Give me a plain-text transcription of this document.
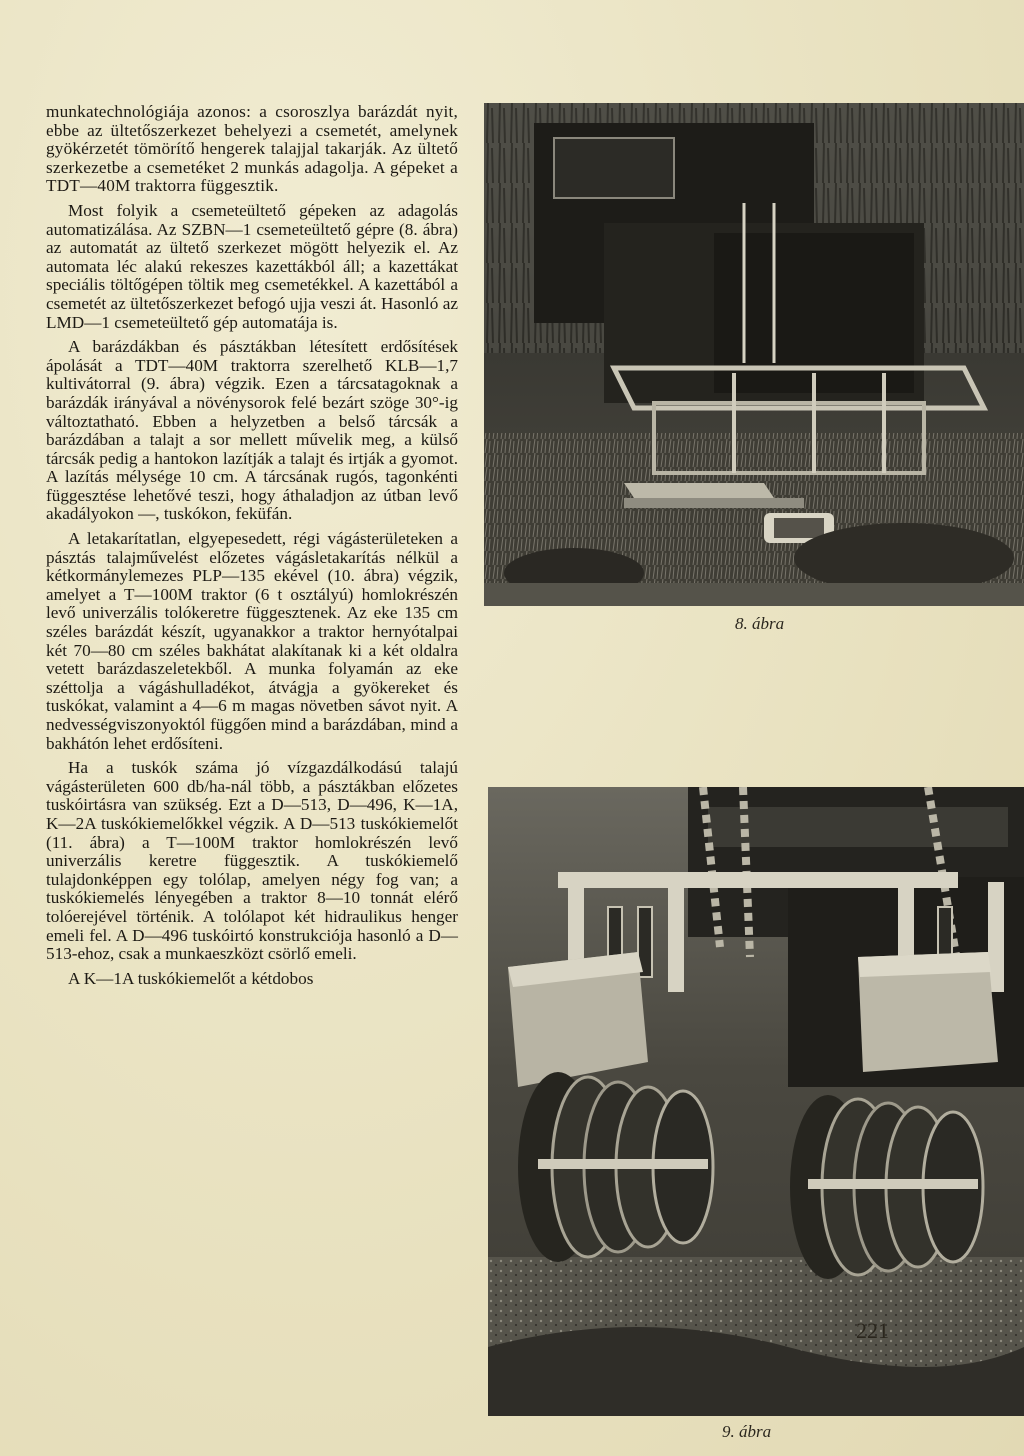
munkatechnológiája azonos: a csoroszlya barázdát nyit, ebbe az ültetőszerkezet behelyezi a csemetét, amelynek gyökérzetét tömörítő hengerek talajjal takarják. Az ültető szerkezetbe a csemetéket 2 munkás adagolja. A gépeket a TDT—40M traktorra függesztik.

Most folyik a csemeteültető gépeken az adagolás automatizálása. Az SZBN—1 csemeteültető gépre (8. ábra) az automatát az ültető szerkezet mögött helyezik el. Az automata léc alakú rekeszes kazettákból áll; a kazettákat speciális töltőgépen töltik meg csemetékkel. A kazettából a csemetét az ültetőszerkezet befogó ujja veszi át. Hasonló az LMD—1 csemeteültető gép automatája is.

A barázdákban és pásztákban létesített erdősítések ápolását a TDT—40M traktorra szerelhető KLB—1,7 kultivátorral (9. ábra) végzik. Ezen a tárcsatagoknak a barázdák irányával a növénysorok felé bezárt szöge 30°-ig változtatható. Ebben a helyzetben a belső tárcsák a barázdában a talajt a sor mellett művelik meg, a külső tárcsák pedig a hantokon lazítják a talajt és irtják a gyomot. A lazítás mélysége 10 cm. A tárcsának rugós, tagonkénti függesztése lehetővé teszi, hogy áthaladjon az útban levő akadályokon —, tuskókon, feküfán.

A letakarítatlan, elgyepesedett, régi vágásterületeken a pásztás talajművelést előzetes vágásletakarítás nélkül a kétkormánylemezes PLP—135 ekével (10. ábra) végzik, amelyet a T—100M traktor (6 t osztályú) homlokrészén levő univerzális tolókeretre függesztenek. Az eke 135 cm széles barázdát készít, ugyanakkor a traktor hernyótalpai két 70—80 cm széles bakhátat alakítanak ki a két oldalra vetett barázdaszeletekből. A munka folyamán az eke széttolja a vágáshulladékot, átvágja a gyökereket és tuskókat, valamint a 4—6 m magas növetben sávot nyit. A nedvességviszonyoktól függően mind a barázdában, mind a bakhátón lehet erdősíteni.

Ha a tuskók száma jó vízgazdálkodású talajú vágásterületen 600 db/ha-nál több, a pásztákban előzetes tuskóirtásra van szükség. Ezt a D—513, D—496, K—1A, K—2A tuskókiemelőkkel végzik. A D—513 tuskókiemelőt (11. ábra) a T—100M traktor homlokrészén levő univerzális keretre függesztik. A tuskókiemelő tulajdonképpen egy tolólap, amelyen négy fog van; a tuskókiemelés lényegében a traktor 8—10 tonnát elérő tolóerejével történik. A tolólapot két hidraulikus henger emeli fel. A D—496 tuskóirtó konstrukciója hasonló a D—513-ehoz, csak a munkaeszközt csörlő emeli.

A K—1A tuskókiemelőt a kétdobos

8. ábra
9. ábra
221
